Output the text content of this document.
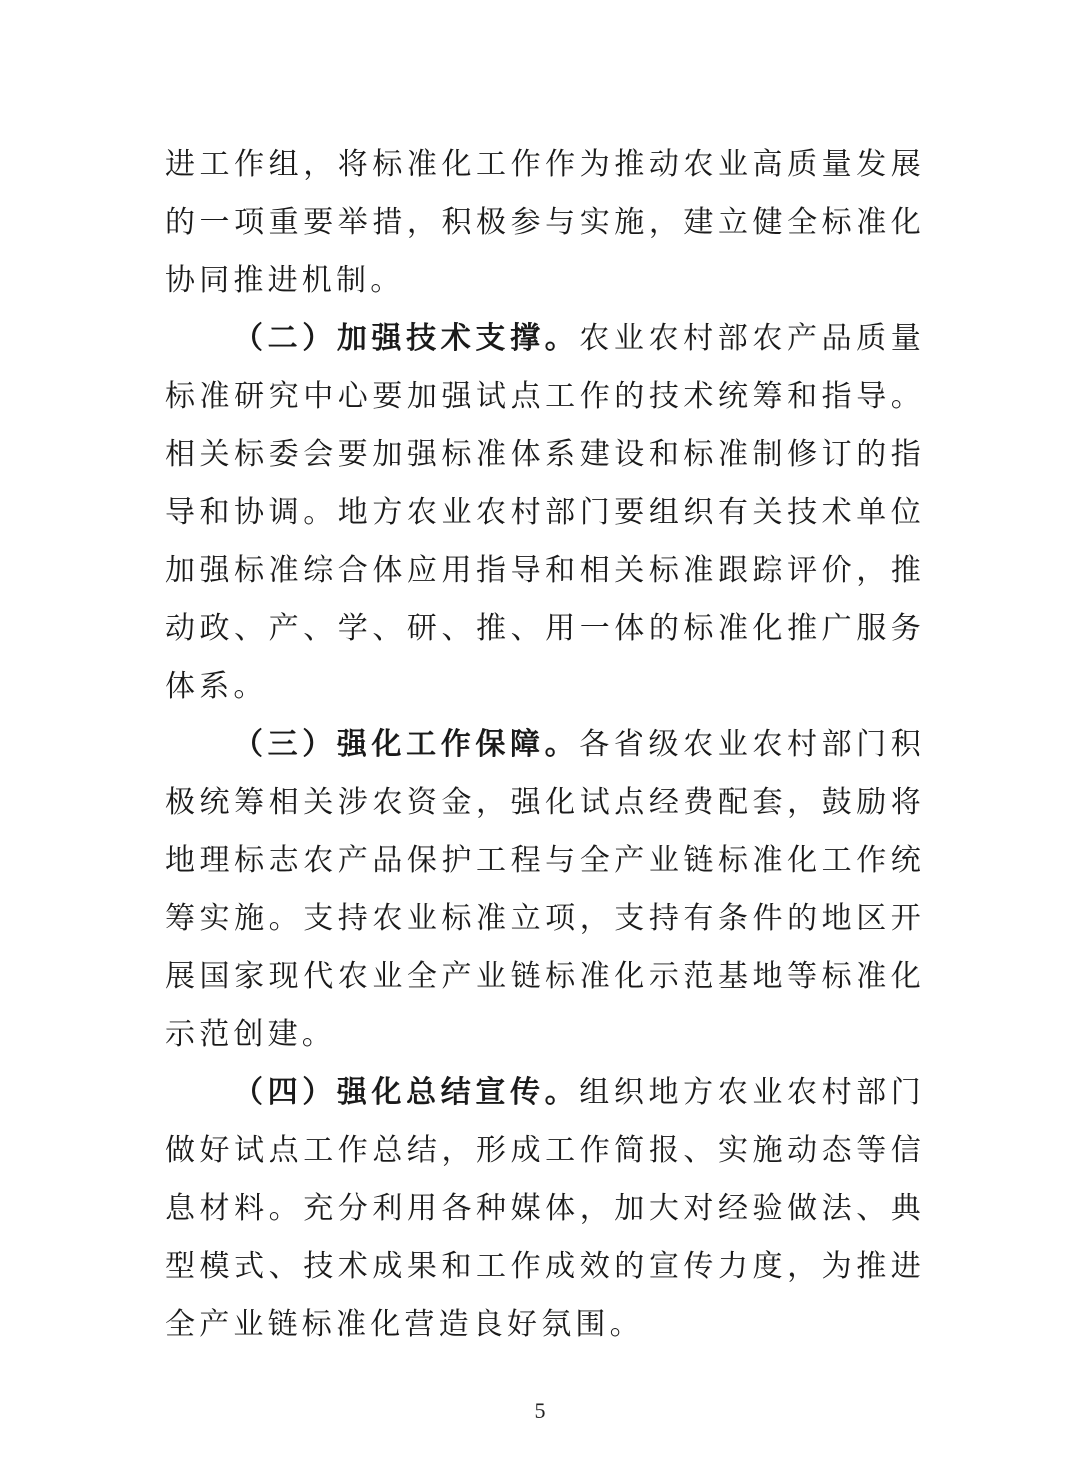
进工作组，将标准化工作作为推动农业高质量发展的一项重要举措，积极参与实施，建立健全标准化协同推进机制。

（二）加强技术支撑。农业农村部农产品质量标准研究中心要加强试点工作的技术统筹和指导。相关标委会要加强标准体系建设和标准制修订的指导和协调。地方农业农村部门要组织有关技术单位加强标准综合体应用指导和相关标准跟踪评价，推动政、产、学、研、推、用一体的标准化推广服务体系。

（三）强化工作保障。各省级农业农村部门积极统筹相关涉农资金，强化试点经费配套，鼓励将地理标志农产品保护工程与全产业链标准化工作统筹实施。支持农业标准立项，支持有条件的地区开展国家现代农业全产业链标准化示范基地等标准化示范创建。

（四）强化总结宣传。组织地方农业农村部门做好试点工作总结，形成工作简报、实施动态等信息材料。充分利用各种媒体，加大对经验做法、典型模式、技术成果和工作成效的宣传力度，为推进全产业链标准化营造良好氛围。

5
